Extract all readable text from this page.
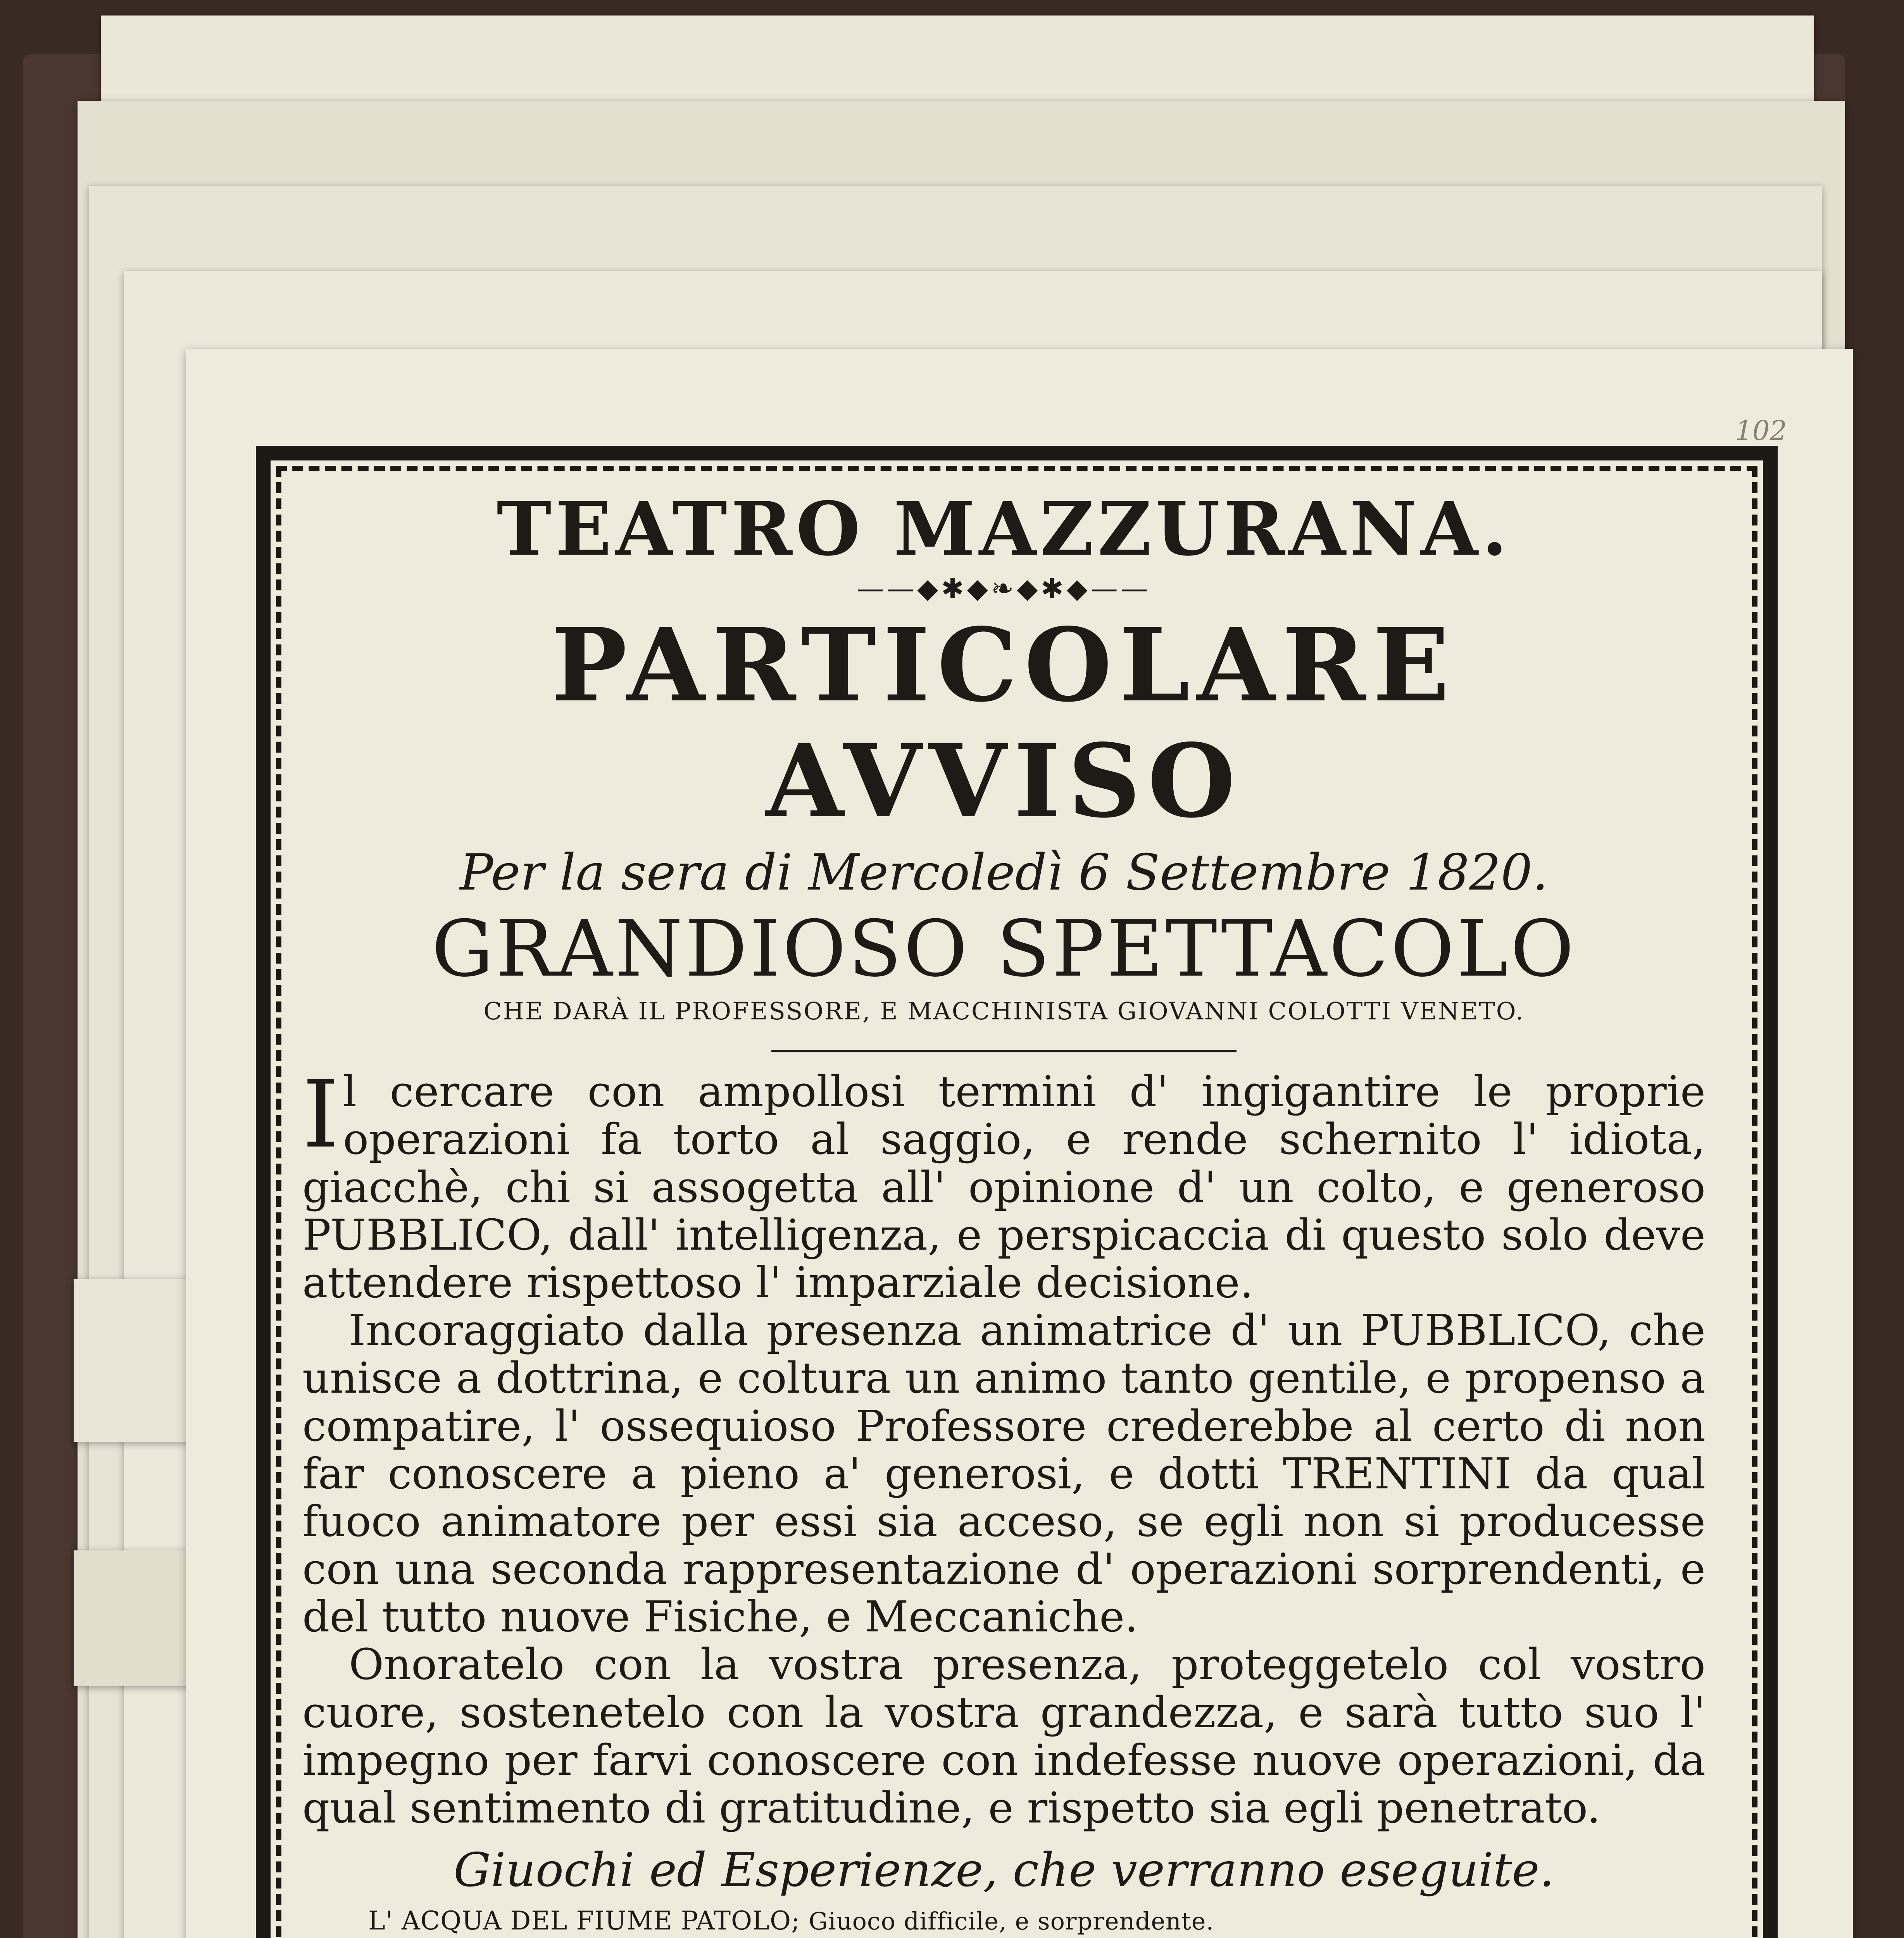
102
TEATRO MAZZURANA.
——◆✱◆❧◆✱◆——
PARTICOLARE AVVISO
Per la sera di Mercoledì 6 Settembre 1820.
GRANDIOSO SPETTACOLO
CHE DARÀ IL PROFESSORE, E MACCHINISTA GIOVANNI COLOTTI VENETO.

Il cercare con ampollosi termini d' ingigantire le proprie operazioni fa torto al saggio, e rende schernito l' idiota, giacchè, chi si assogetta all' opinione d' un colto, e generoso PUBBLICO, dall' intelligenza, e perspicaccia di questo solo deve attendere rispettoso l' imparziale decisione.

Incoraggiato dalla presenza animatrice d' un PUBBLICO, che unisce a dottrina, e coltura un animo tanto gentile, e propenso a compatire, l' ossequioso Professore crederebbe al certo di non far conoscere a pieno a' generosi, e dotti TRENTINI da qual fuoco animatore per essi sia acceso, se egli non si producesse con una seconda rappresentazione d' operazioni sorprendenti, e del tutto nuove Fisiche, e Meccaniche.

Onoratelo con la vostra presenza, proteggetelo col vostro cuore, sostenetelo con la vostra grandezza, e sarà tutto suo l' impegno per farvi conoscere con indefesse nuove operazioni, da qual sentimento di gratitudine, e rispetto sia egli penetrato.

Giuochi ed Esperienze, che verranno eseguite.
L' ACQUA DEL FIUME PATOLO; Giuoco difficile, e sorprendente.
